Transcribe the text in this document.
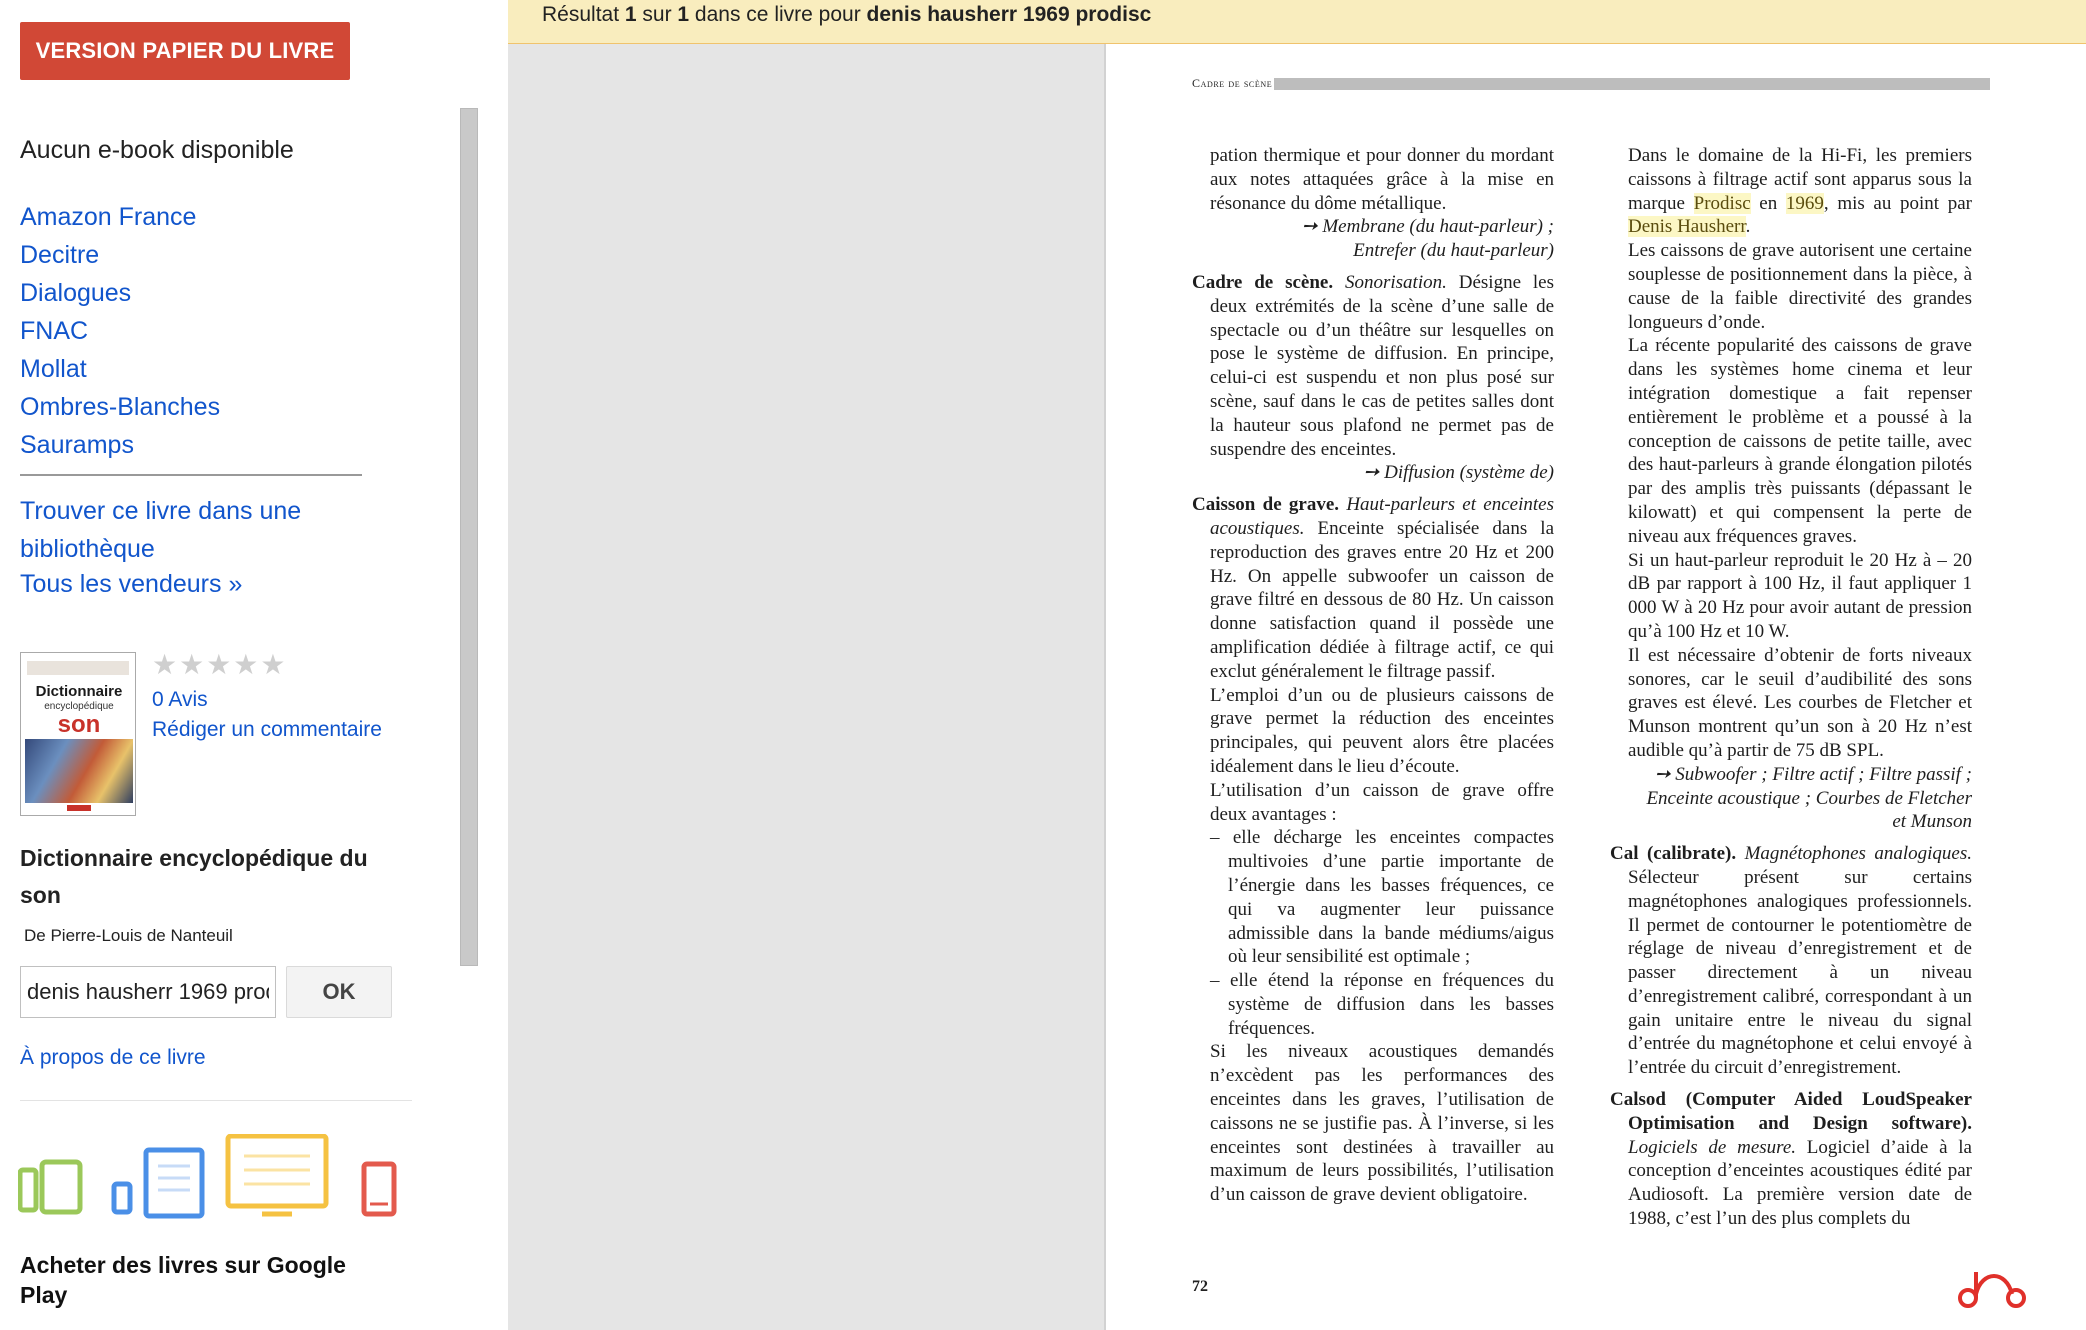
VERSION PAPIER DU LIVRE
Aucun e-book disponible
Amazon France
Decitre
Dialogues
FNAC
Mollat
Ombres-Blanches
Sauramps
Trouver ce livre dans une bibliothèque
Tous les vendeurs »
Dictionnaire
encyclopédique
son
★★★★★
0 Avis
Rédiger un commentaire
Dictionnaire encyclopédique du son
De Pierre-Louis de Nanteuil
denis hausherr 1969 prodisc
OK
À propos de ce livre
Acheter des livres sur Google Play
Résultat 1 sur 1 dans ce livre pour denis hausherr 1969 prodisc
Cadre de scène

pation thermique et pour donner du mordant aux notes attaquées grâce à la mise en résonance du dôme métallique.

➙ Membrane (du haut-parleur) ;

Entrefer (du haut-parleur)

Cadre de scène. Sonorisation. Désigne les deux extrémités de la scène d’une salle de spectacle ou d’un théâtre sur lesquelles on pose le système de diffusion. En principe, celui-ci est suspendu et non plus posé sur scène, sauf dans le cas de petites salles dont la hauteur sous plafond ne permet pas de suspendre des enceintes.

➙ Diffusion (système de)

Caisson de grave. Haut-parleurs et enceintes acoustiques. Enceinte spécialisée dans la reproduction des graves entre 20 Hz et 200 Hz. On appelle subwoofer un caisson de grave filtré en dessous de 80 Hz. Un caisson donne satisfaction quand il possède une amplification dédiée à filtrage actif, ce qui exclut généralement le filtrage passif.

L’emploi d’un ou de plusieurs caissons de grave permet la réduction des enceintes principales, qui peuvent alors être placées idéalement dans le lieu d’écoute.

L’utilisation d’un caisson de grave offre deux avantages :

– elle décharge les enceintes compactes multivoies d’une partie importante de l’énergie dans les basses fréquences, ce qui va augmenter leur puissance admissible dans la bande médiums/aigus où leur sensibilité est optimale ;

– elle étend la réponse en fréquences du système de diffusion dans les basses fréquences.

Si les niveaux acoustiques demandés n’excèdent pas les performances des enceintes dans les graves, l’utilisation de caissons ne se justifie pas. À l’inverse, si les enceintes sont destinées à travailler au maximum de leurs possibilités, l’utilisation d’un caisson de grave devient obligatoire.

Dans le domaine de la Hi-Fi, les premiers caissons à filtrage actif sont apparus sous la marque Prodisc en 1969, mis au point par Denis Hausherr.

Les caissons de grave autorisent une certaine souplesse de positionnement dans la pièce, à cause de la faible directivité des grandes longueurs d’onde.

La récente popularité des caissons de grave dans les systèmes home cinema et leur intégration domestique a fait repenser entièrement le problème et a poussé à la conception de caissons de petite taille, avec des haut-parleurs à grande élongation pilotés par des amplis très puissants (dépassant le kilowatt) et qui compensent la perte de niveau aux fréquences graves.

Si un haut-parleur reproduit le 20 Hz à – 20 dB par rapport à 100 Hz, il faut appliquer 1 000 W à 20 Hz pour avoir autant de pression qu’à 100 Hz et 10 W.

Il est nécessaire d’obtenir de forts niveaux sonores, car le seuil d’audibilité des sons graves est élevé. Les courbes de Fletcher et Munson montrent qu’un son à 20 Hz n’est audible qu’à partir de 75 dB SPL.

➙ Subwoofer ; Filtre actif ; Filtre passif ;

Enceinte acoustique ; Courbes de Fletcher

et Munson

Cal (calibrate). Magnétophones analogiques. Sélecteur présent sur certains magnétophones analogiques professionnels. Il permet de contourner le potentiomètre de réglage de niveau d’enregistrement et de passer directement à un niveau d’enregistrement calibré, correspondant à un gain unitaire entre le niveau du signal d’entrée du magnétophone et celui envoyé à l’entrée du circuit d’enregistrement.

Calsod (Computer Aided LoudSpeaker Optimisation and Design software). Logiciels de mesure. Logiciel d’aide à la conception d’enceintes acoustiques édité par Audiosoft. La première version date de 1988, c’est l’un des plus complets du

72
